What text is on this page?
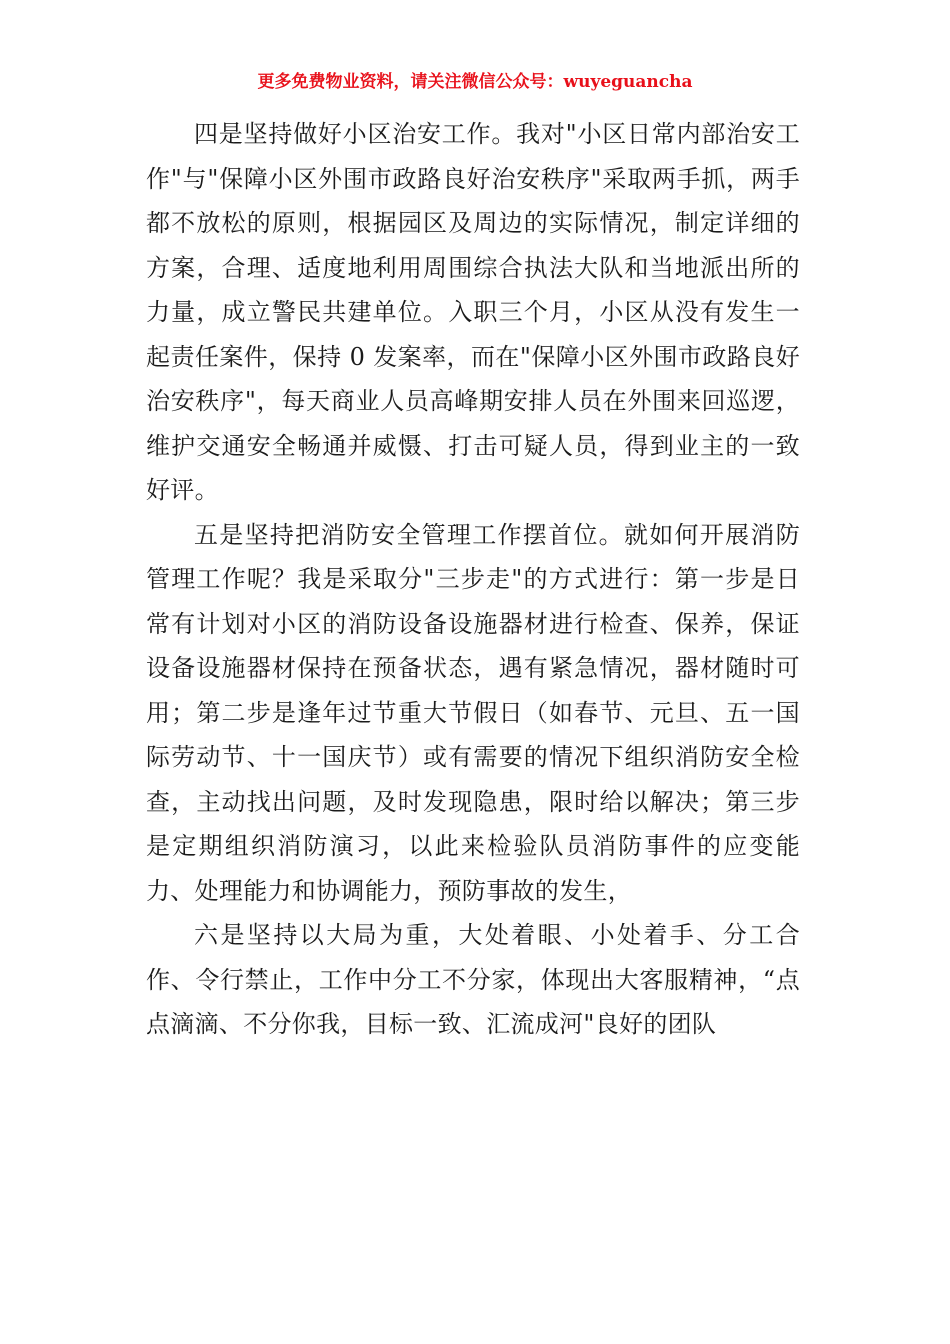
更多免费物业资料，请关注微信公众号：wuyeguancha

四是坚持做好小区治安工作。我对"小区日常内部治安工作"与"保障小区外围市政路良好治安秩序"采取两手抓，两手都不放松的原则，根据园区及周边的实际情况，制定详细的方案，合理、适度地利用周围综合执法大队和当地派出所的力量，成立警民共建单位。入职三个月，小区从没有发生一起责任案件，保持 0 发案率，而在"保障小区外围市政路良好治安秩序"，每天商业人员高峰期安排人员在外围来回巡逻，维护交通安全畅通并威慑、打击可疑人员，得到业主的一致好评。

五是坚持把消防安全管理工作摆首位。就如何开展消防管理工作呢？我是采取分"三步走"的方式进行：第一步是日常有计划对小区的消防设备设施器材进行检查、保养，保证设备设施器材保持在预备状态，遇有紧急情况，器材随时可用；第二步是逢年过节重大节假日（如春节、元旦、五一国际劳动节、十一国庆节）或有需要的情况下组织消防安全检查，主动找出问题，及时发现隐患，限时给以解决；第三步是定期组织消防演习，以此来检验队员消防事件的应变能力、处理能力和协调能力，预防事故的发生，

六是坚持以大局为重，大处着眼、小处着手、分工合作、令行禁止，工作中分工不分家，体现出大客服精神，“点点滴滴、不分你我，目标一致、汇流成河"良好的团队
